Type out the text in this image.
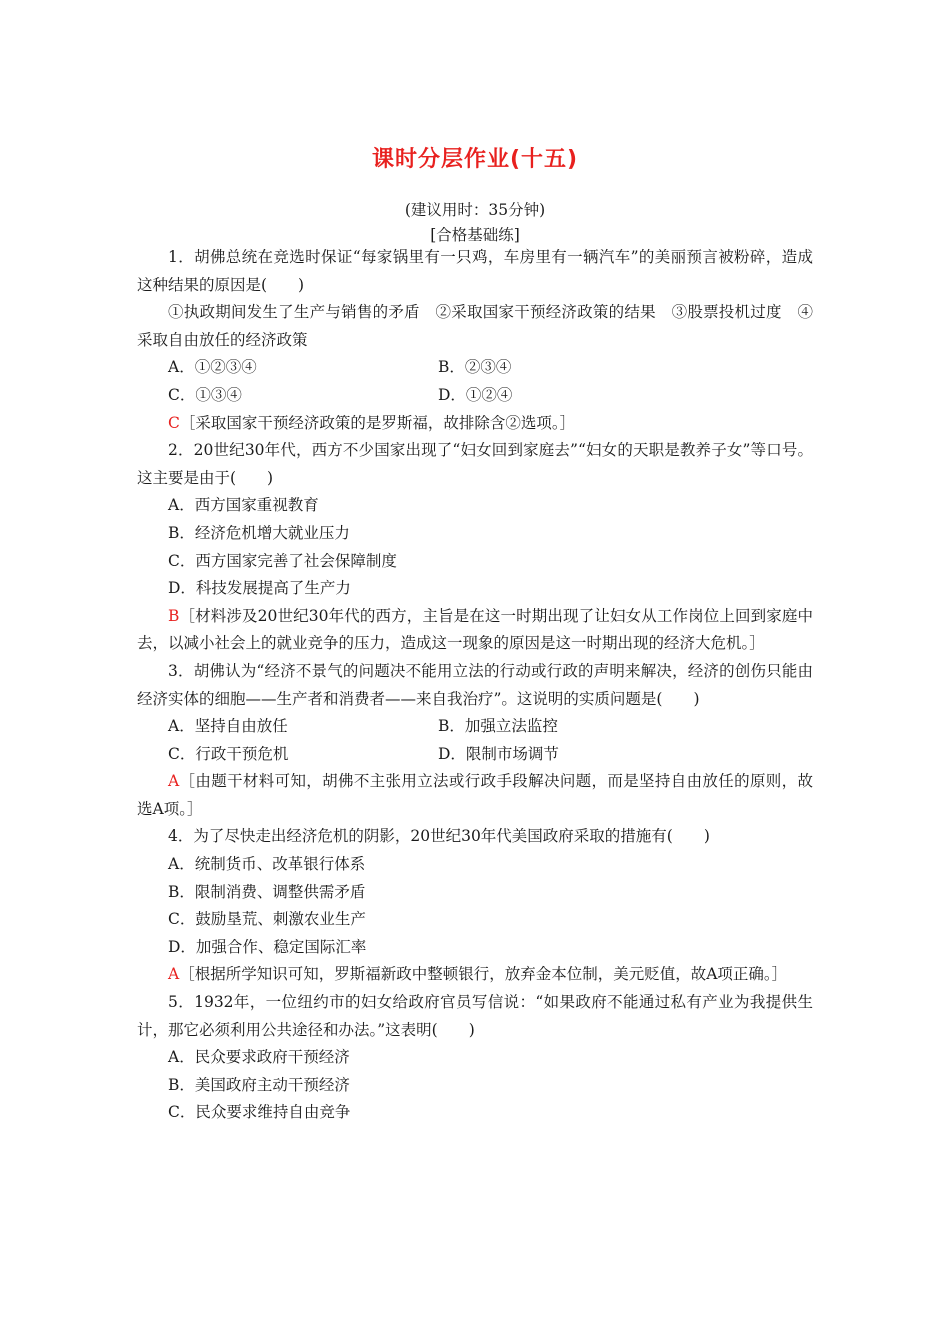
课时分层作业(十五)
(建议用时：35分钟)
[合格基础练]

1．胡佛总统在竞选时保证“每家锅里有一只鸡，车房里有一辆汽车”的美丽预言被粉碎，造成这种结果的原因是(　　)

①执政期间发生了生产与销售的矛盾　②采取国家干预经济政策的结果　③股票投机过度　④采取自由放任的经济政策

A．①②③④	B．②③④
C．①③④	D．①②④

C［采取国家干预经济政策的是罗斯福，故排除含②选项。］

2．20世纪30年代，西方不少国家出现了“妇女回到家庭去”“妇女的天职是教养子女”等口号。这主要是由于(　　)

A．西方国家重视教育

B．经济危机增大就业压力

C．西方国家完善了社会保障制度

D．科技发展提高了生产力

B［材料涉及20世纪30年代的西方，主旨是在这一时期出现了让妇女从工作岗位上回到家庭中去，以减小社会上的就业竞争的压力，造成这一现象的原因是这一时期出现的经济大危机。］

3．胡佛认为“经济不景气的问题决不能用立法的行动或行政的声明来解决，经济的创伤只能由经济实体的细胞——生产者和消费者——来自我治疗”。这说明的实质问题是(　　)

A．坚持自由放任	B．加强立法监控
C．行政干预危机	D．限制市场调节

A［由题干材料可知，胡佛不主张用立法或行政手段解决问题，而是坚持自由放任的原则，故选A项。］

4．为了尽快走出经济危机的阴影，20世纪30年代美国政府采取的措施有(　　)

A．统制货币、改革银行体系

B．限制消费、调整供需矛盾

C．鼓励垦荒、刺激农业生产

D．加强合作、稳定国际汇率

A［根据所学知识可知，罗斯福新政中整顿银行，放弃金本位制，美元贬值，故A项正确。］

5．1932年，一位纽约市的妇女给政府官员写信说：“如果政府不能通过私有产业为我提供生计，那它必须利用公共途径和办法。”这表明(　　)

A．民众要求政府干预经济

B．美国政府主动干预经济

C．民众要求维持自由竞争
